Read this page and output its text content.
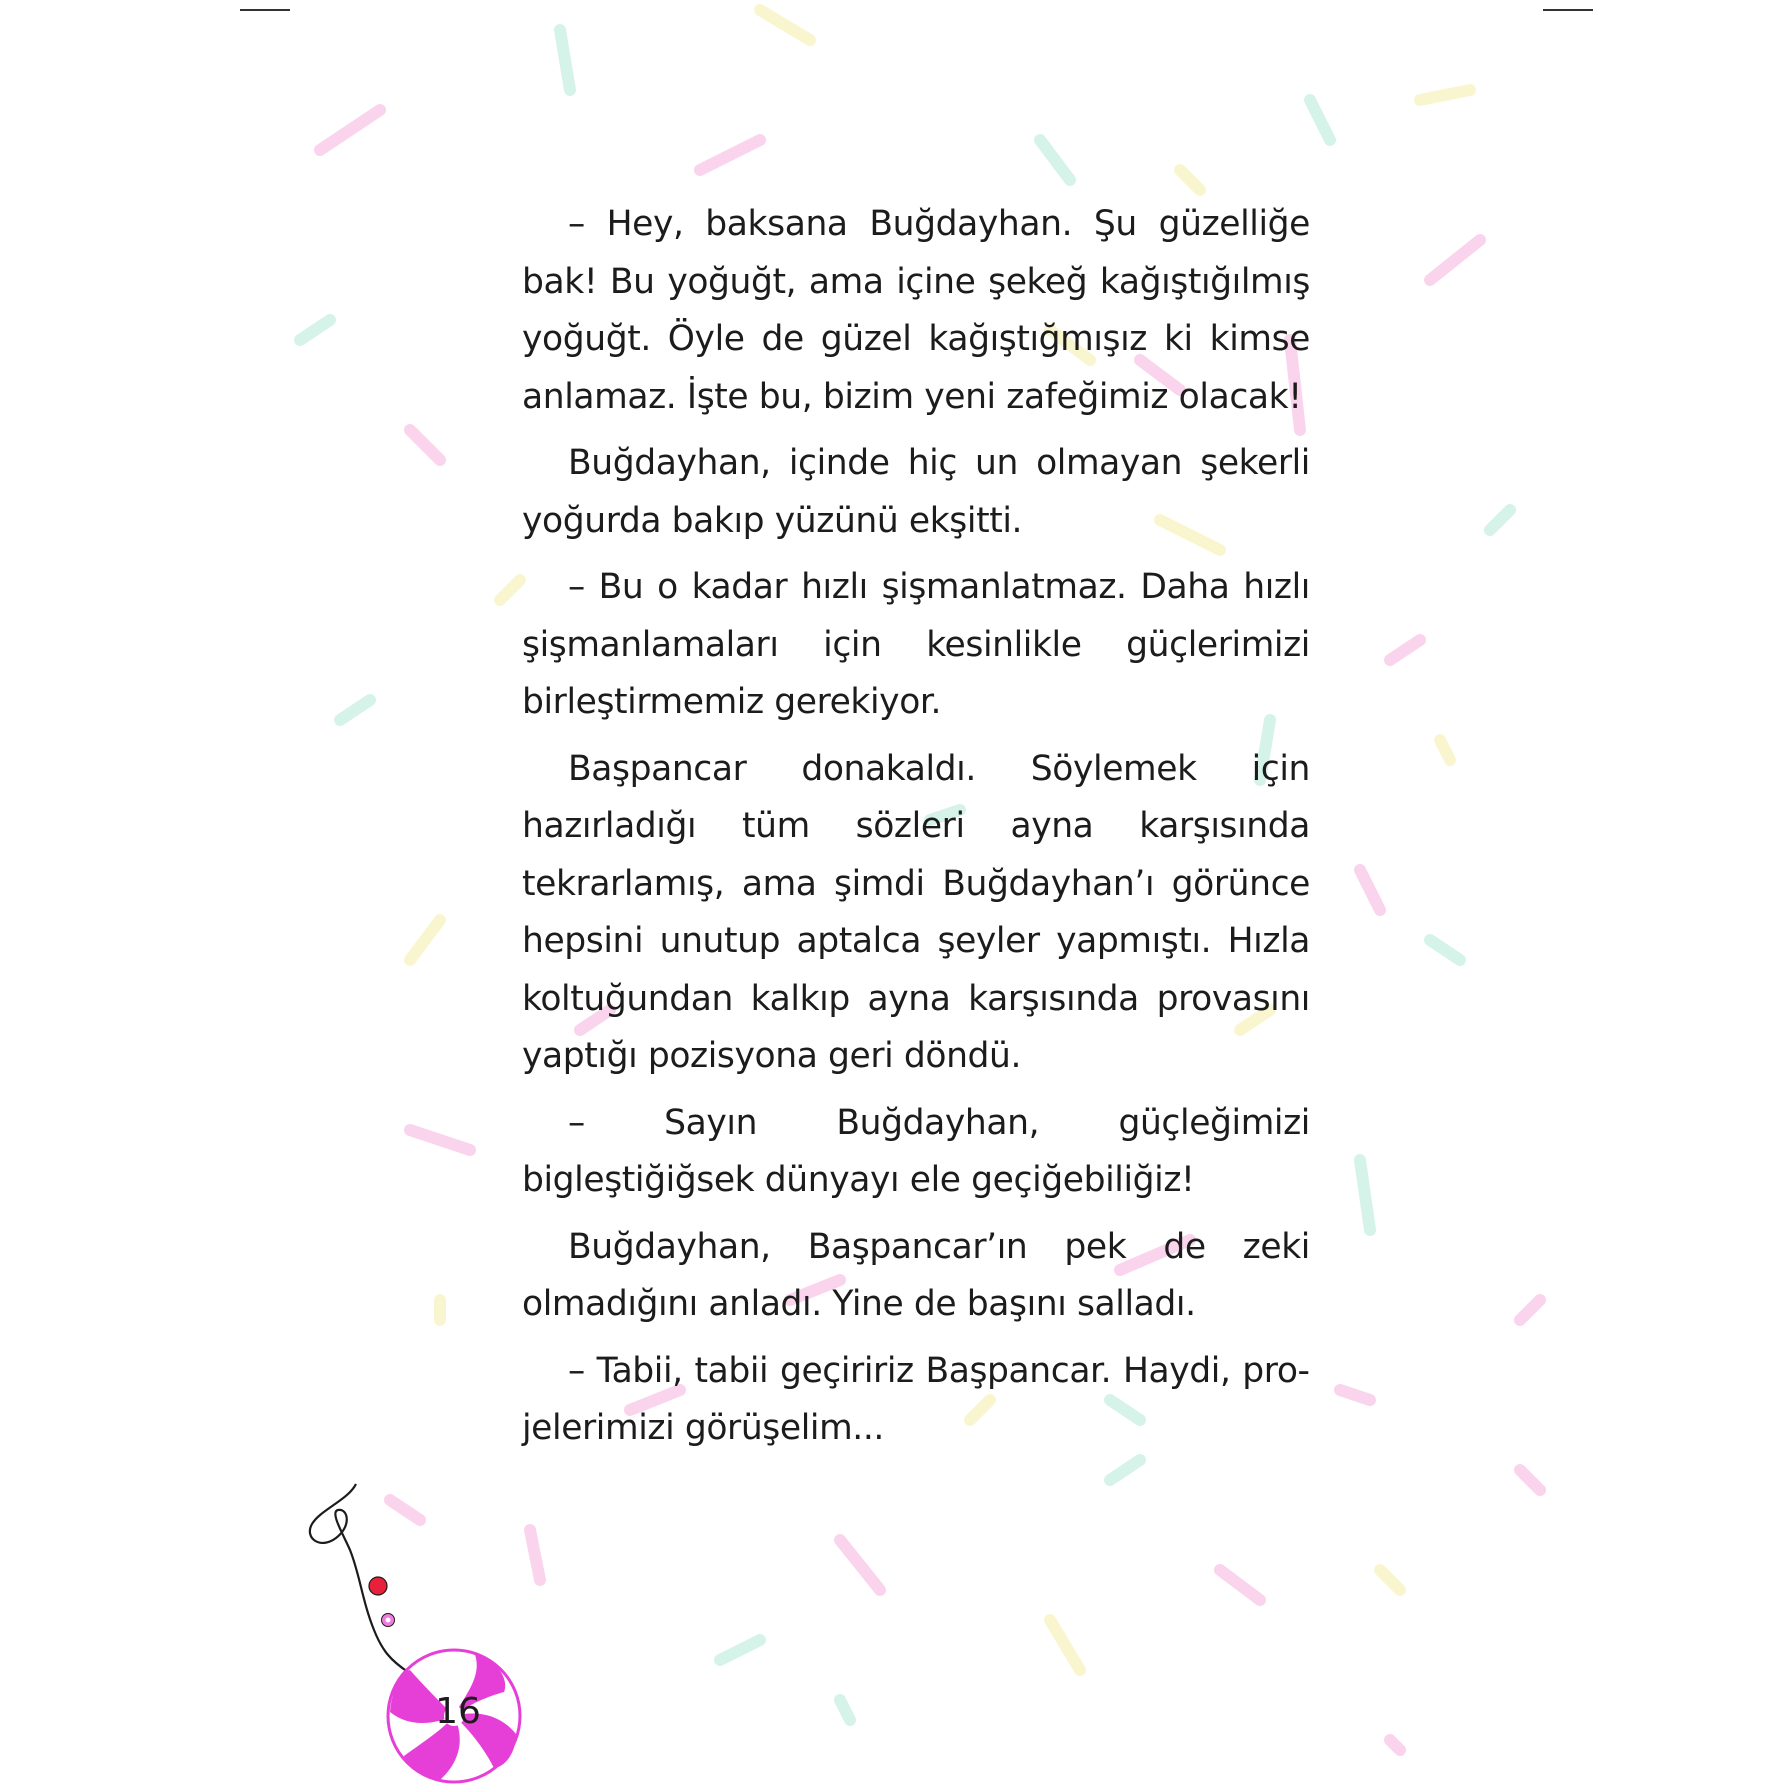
– Hey, baksana Buğdayhan. Şu güzelliğe bak! Bu yoğuğt, ama içine şekeğ kağıştığılmış yoğuğt. Öyle de güzel kağıştığmışız ki kimse anlamaz. İşte bu, bizim yeni zafeğimiz olacak!

Buğdayhan, içinde hiç un olmayan şekerli yoğurda bakıp yüzünü ekşitti.

– Bu o kadar hızlı şişmanlatmaz. Daha hızlı şişmanlamaları için kesinlikle güçlerimizi birleştirmemiz gerekiyor.

Başpancar donakaldı. Söylemek için hazırladığı tüm sözleri ayna karşısında tekrarlamış, ama şimdi Buğdayhan’ı görünce hepsini unutup aptalca şeyler yapmıştı. Hızla koltuğundan kalkıp ayna karşısında provasını yaptığı pozisyona geri döndü.

– Sayın Buğdayhan, güçleğimizi bigleştiğiğsek dünyayı ele geçiğebiliğiz!

Buğdayhan, Başpancar’ın pek de zeki olmadığını anladı. Yine de başını salladı.

– Tabii, tabii geçiririz Başpancar. Haydi, projelerimizi görüşelim...

16
